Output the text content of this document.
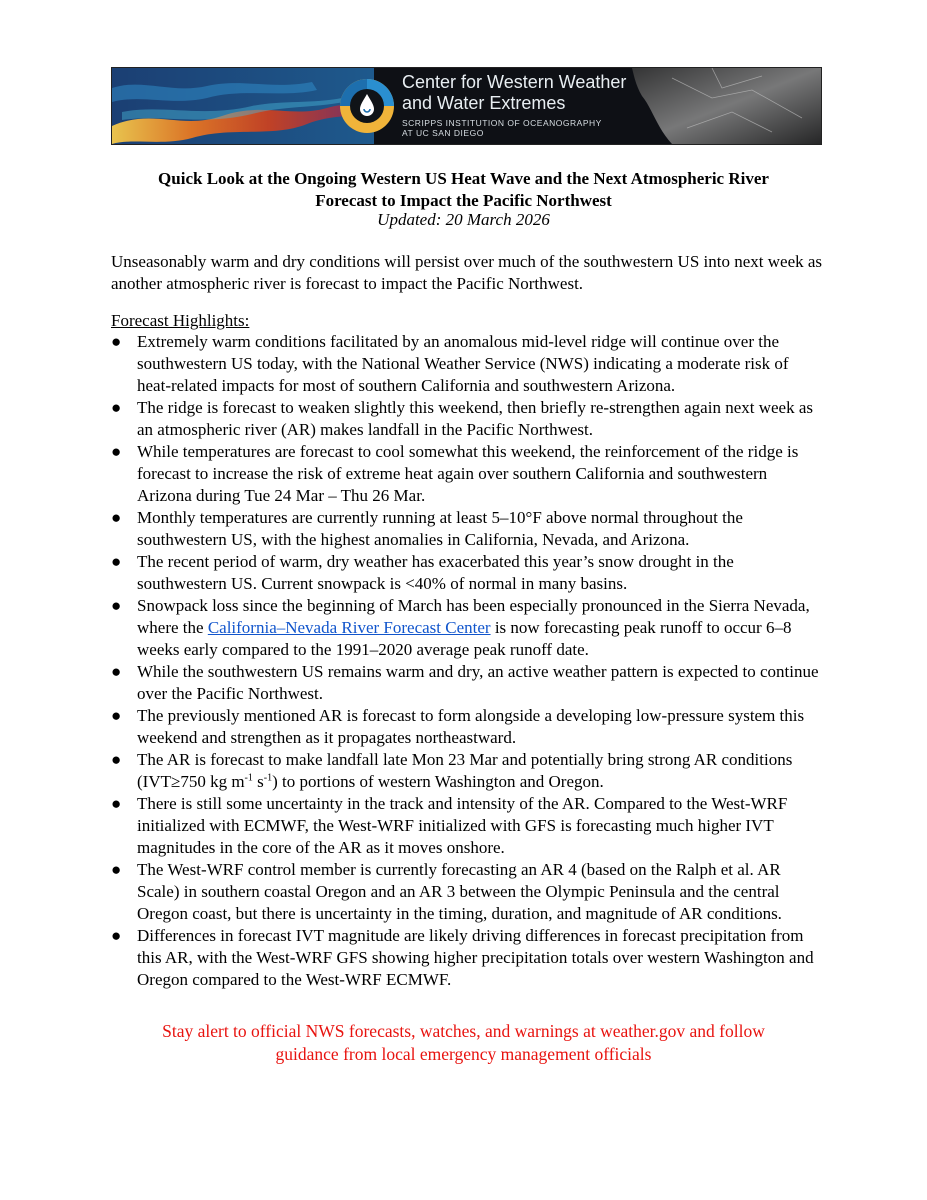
Center for Western Weather
and Water Extremes
SCRIPPS INSTITUTION OF OCEANOGRAPHY
AT UC SAN DIEGO
Quick Look at the Ongoing Western US Heat Wave and the Next Atmospheric River
Forecast to Impact the Pacific Northwest
Updated: 20 March 2026

Unseasonably warm and dry conditions will persist over much of the southwestern US into next week as another atmospheric river is forecast to impact the Pacific Northwest.

Forecast Highlights:
● Extremely warm conditions facilitated by an anomalous mid-level ridge will continue over the southwestern US today, with the National Weather Service (NWS) indicating a moderate risk of heat-related impacts for most of southern California and southwestern Arizona.
● The ridge is forecast to weaken slightly this weekend, then briefly re-strengthen again next week as an atmospheric river (AR) makes landfall in the Pacific Northwest.
● While temperatures are forecast to cool somewhat this weekend, the reinforcement of the ridge is forecast to increase the risk of extreme heat again over southern California and southwestern Arizona during Tue 24 Mar – Thu 26 Mar.
● Monthly temperatures are currently running at least 5–10°F above normal throughout the southwestern US, with the highest anomalies in California, Nevada, and Arizona.
● The recent period of warm, dry weather has exacerbated this year’s snow drought in the southwestern US. Current snowpack is <40% of normal in many basins.
● Snowpack loss since the beginning of March has been especially pronounced in the Sierra Nevada, where the California–Nevada River Forecast Center is now forecasting peak runoff to occur 6–8 weeks early compared to the 1991–2020 average peak runoff date.
● While the southwestern US remains warm and dry, an active weather pattern is expected to continue over the Pacific Northwest.
● The previously mentioned AR is forecast to form alongside a developing low-pressure system this weekend and strengthen as it propagates northeastward.
● The AR is forecast to make landfall late Mon 23 Mar and potentially bring strong AR conditions (IVT≥750 kg $m^{-1}$ $s^{-1}$) to portions of western Washington and Oregon.
● There is still some uncertainty in the track and intensity of the AR. Compared to the West-WRF initialized with ECMWF, the West-WRF initialized with GFS is forecasting much higher IVT magnitudes in the core of the AR as it moves onshore.
● The West-WRF control member is currently forecasting an AR 4 (based on the Ralph et al. AR Scale) in southern coastal Oregon and an AR 3 between the Olympic Peninsula and the central Oregon coast, but there is uncertainty in the timing, duration, and magnitude of AR conditions.
● Differences in forecast IVT magnitude are likely driving differences in forecast precipitation from this AR, with the West-WRF GFS showing higher precipitation totals over western Washington and Oregon compared to the West-WRF ECMWF.
Stay alert to official NWS forecasts, watches, and warnings at weather.gov and follow
guidance from local emergency management officials
